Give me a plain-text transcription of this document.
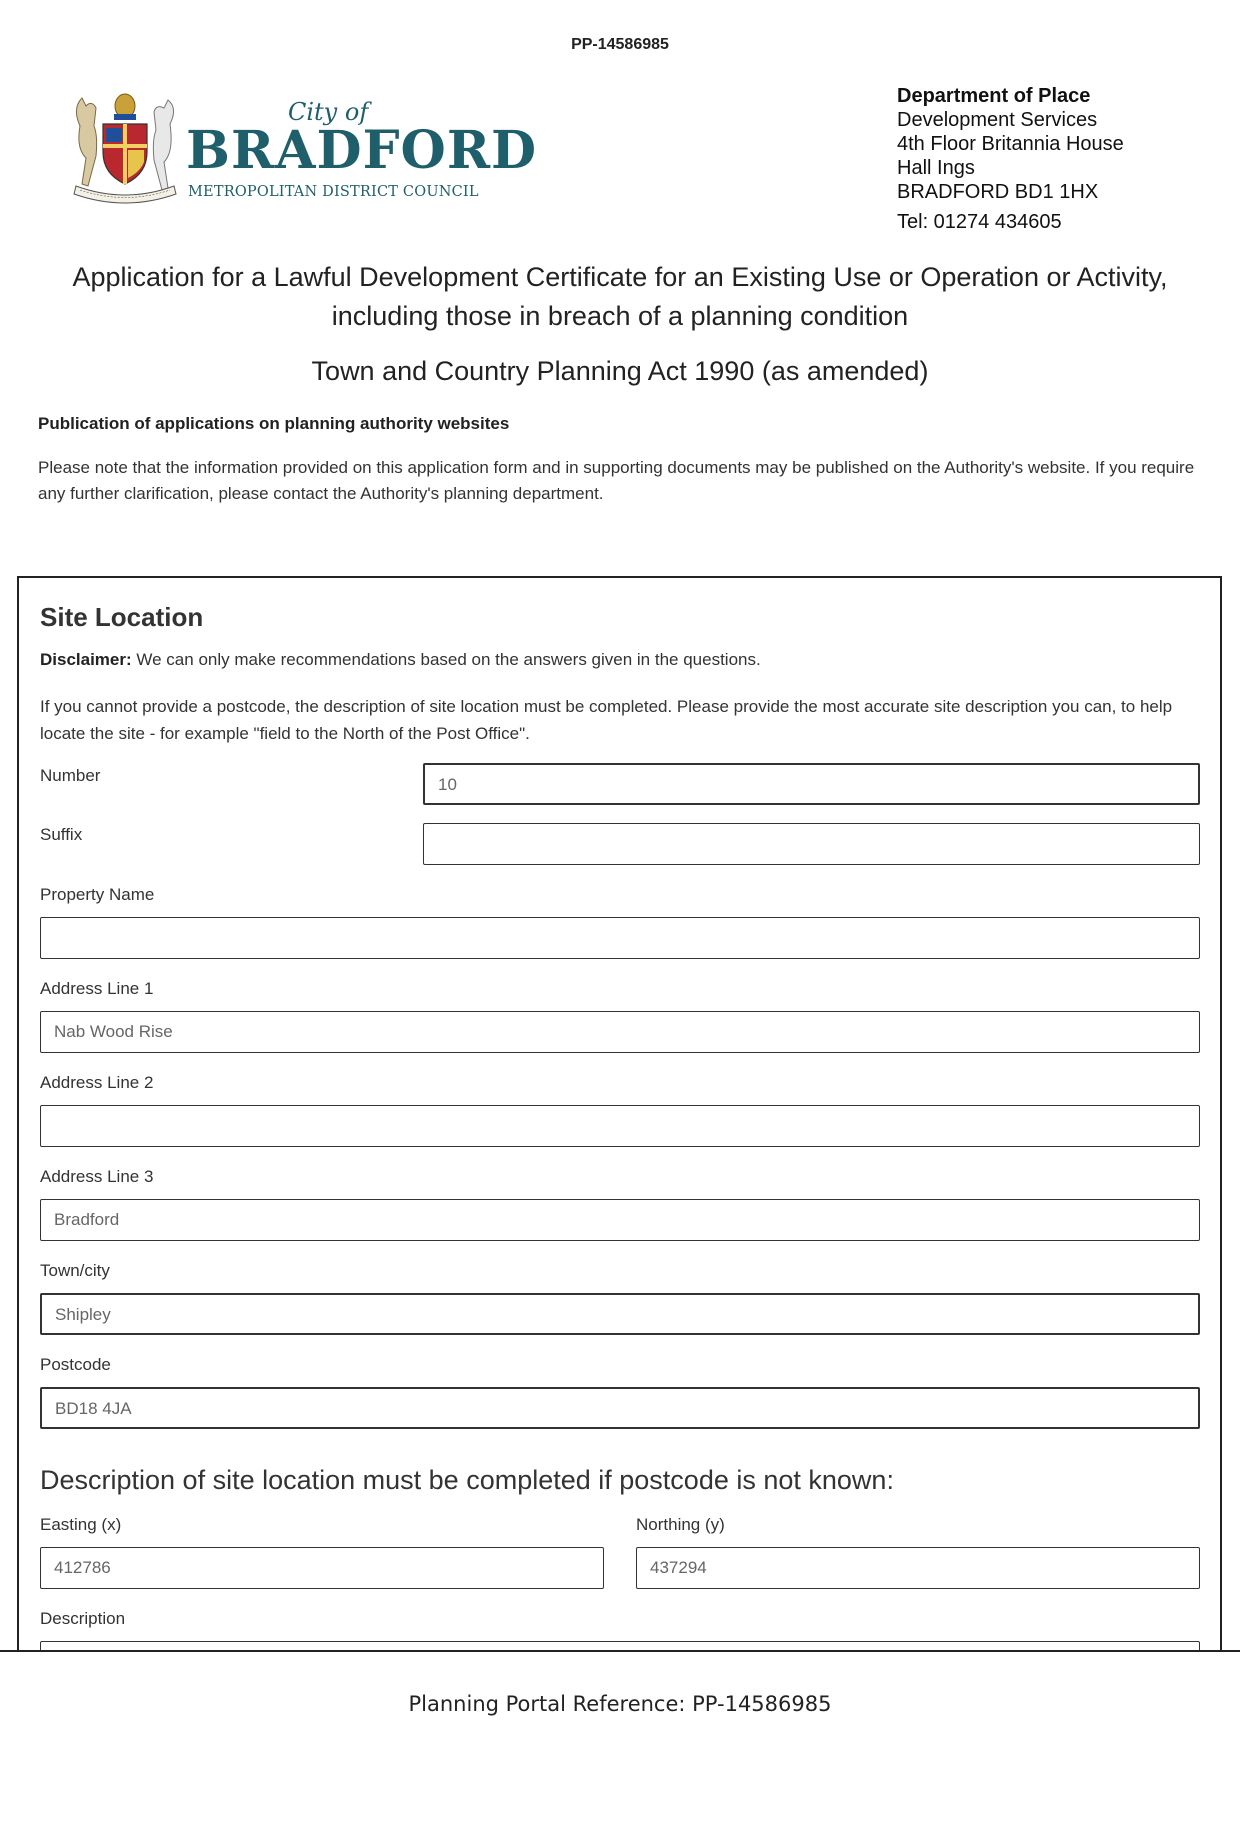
PP-14586985
City of
BRADFORD
METROPOLITAN DISTRICT COUNCIL
Department of Place
Development Services
4th Floor Britannia House
Hall Ings
BRADFORD BD1 1HX
Tel: 01274 434605
Application for a Lawful Development Certificate for an Existing Use or Operation or Activity,
including those in breach of a planning condition
Town and Country Planning Act 1990 (as amended)
Publication of applications on planning authority websites
Please note that the information provided on this application form and in supporting documents may be published on the Authority's website. If you require any further clarification, please contact the Authority's planning department.
Site Location
Disclaimer: We can only make recommendations based on the answers given in the questions.
If you cannot provide a postcode, the description of site location must be completed. Please provide the most accurate site description you can, to help locate the site - for example "field to the North of the Post Office".
Number	10
Suffix
Property Name
Address Line 1
Nab Wood Rise
Address Line 2
Address Line 3
Bradford
Town/city
Shipley
Postcode
BD18 4JA
Description of site location must be completed if postcode is not known:
Easting (x)
412786
Northing (y)
437294
Description
Planning Portal Reference: PP-14586985
